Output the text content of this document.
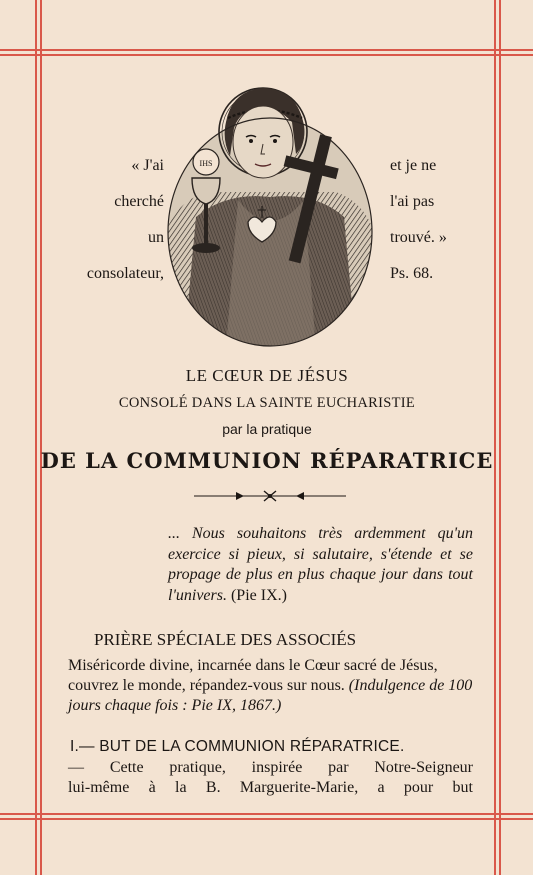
« J'ai
cherché
un
consolateur,
et je ne
l'ai pas
trouvé. »
Ps. 68.
IHS
LE CŒUR DE JÉSUS
CONSOLÉ DANS LA SAINTE EUCHARISTIE
par la pratique
DE LA COMMUNION RÉPARATRICE
... Nous souhaitons très ardemment qu'un exercice si pieux, si salutaire, s'étende et se propage de plus en plus chaque jour dans tout l'univers. (Pie IX.)
PRIÈRE SPÉCIALE DES ASSOCIÉS
Miséricorde divine, incarnée dans le Cœur sacré de Jésus, couvrez le monde, répandez-vous sur nous. (Indulgence de 100 jours chaque fois : Pie IX, 1867.)
I.— BUT DE LA COMMUNION RÉPARATRICE.
— Cette pratique, inspirée par Notre-Seigneur
lui-même à la B. Marguerite-Marie, a pour but
